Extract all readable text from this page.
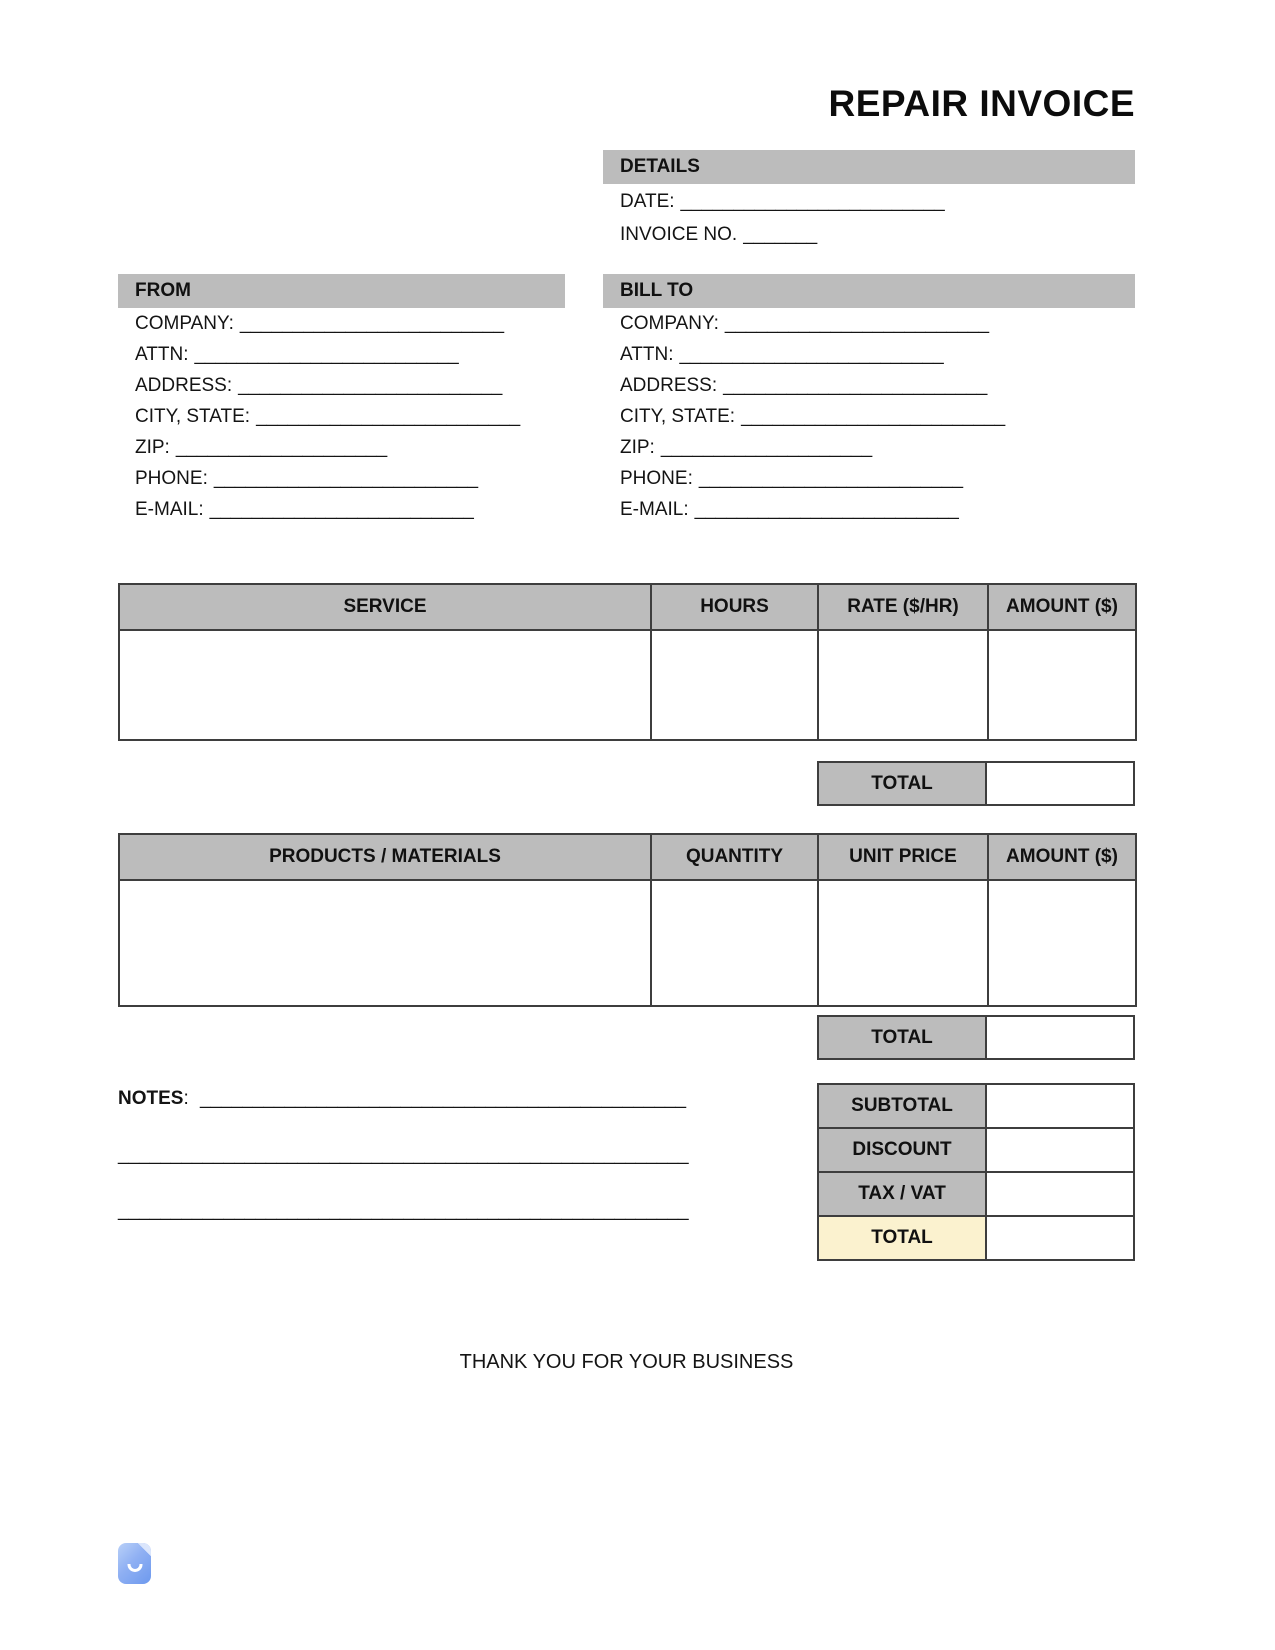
REPAIR INVOICE
DETAILS
DATE: _________________________
INVOICE NO. _______
FROM
COMPANY: _________________________
ATTN: _________________________
ADDRESS: _________________________
CITY, STATE: _________________________
ZIP: ____________________
PHONE: _________________________
E-MAIL: _________________________
BILL TO
COMPANY: _________________________
ATTN: _________________________
ADDRESS: _________________________
CITY, STATE: _________________________
ZIP: ____________________
PHONE: _________________________
E-MAIL: _________________________
SERVICE	HOURS	RATE ($/HR)	AMOUNT ($)

TOTAL
PRODUCTS / MATERIALS	QUANTITY	UNIT PRICE	AMOUNT ($)

TOTAL
NOTES: ______________________________________________
______________________________________________________
______________________________________________________
SUBTOTAL
DISCOUNT
TAX / VAT
TOTAL
THANK YOU FOR YOUR BUSINESS
